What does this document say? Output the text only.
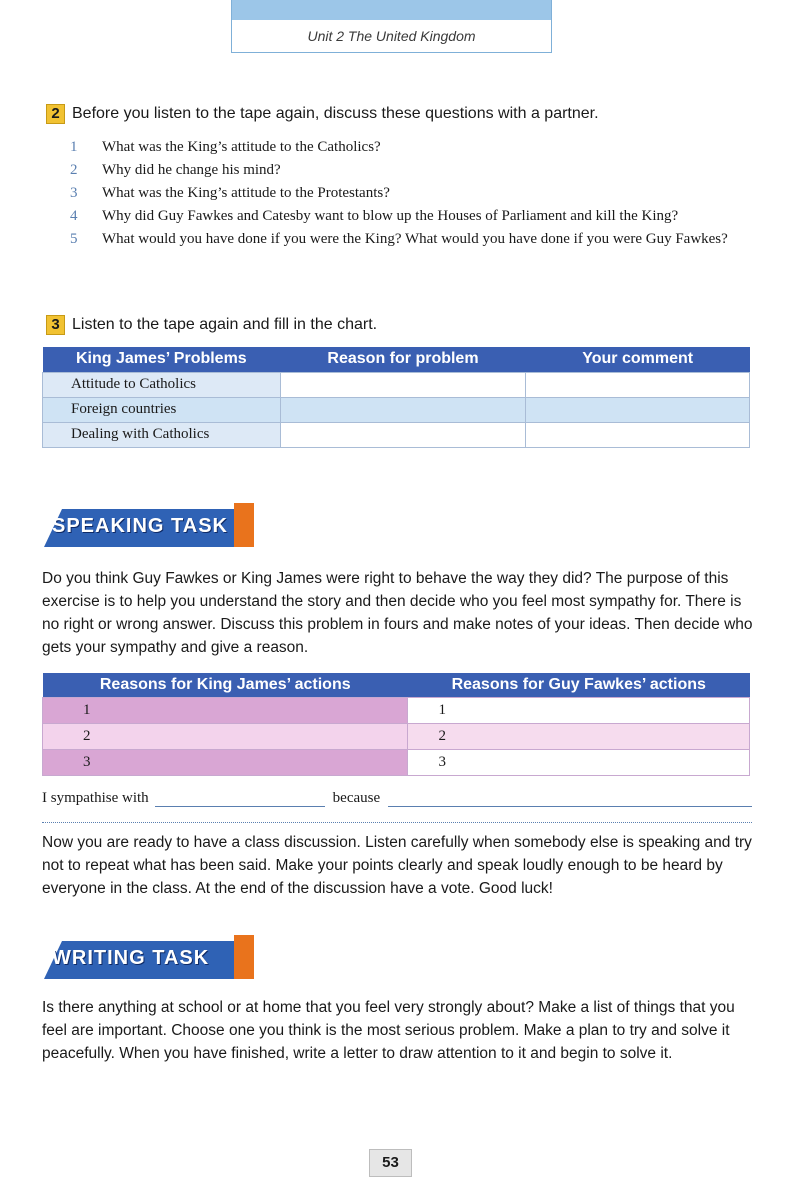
Unit 2 The United Kingdom
2 Before you listen to the tape again, discuss these questions with a partner.
1	What was the King’s attitude to the Catholics?
2	Why did he change his mind?
3	What was the King’s attitude to the Protestants?
4	Why did Guy Fawkes and Catesby want to blow up the Houses of Parliament and kill the King?
5	What would you have done if you were the King? What would you have done if you were Guy Fawkes?
3 Listen to the tape again and fill in the chart.
King James’ Problems	Reason for problem	Your comment
Attitude to Catholics		
Foreign countries		
Dealing with Catholics		
SPEAKING TASK
Do you think Guy Fawkes or King James were right to behave the way they did? The purpose of this exercise is to help you understand the story and then decide who you feel most sympathy for. There is no right or wrong answer. Discuss this problem in fours and make notes of your ideas. Then decide who gets your sympathy and give a reason.
Reasons for King James’ actions	Reasons for Guy Fawkes’ actions
1	1
2	2
3	3
I sympathise with	because
Now you are ready to have a class discussion. Listen carefully when somebody else is speaking and try not to repeat what has been said. Make your points clearly and speak loudly enough to be heard by everyone in the class. At the end of the discussion have a vote. Good luck!
WRITING TASK
Is there anything at school or at home that you feel very strongly about? Make a list of things that you feel are important. Choose one you think is the most serious problem. Make a plan to try and solve it peacefully. When you have finished, write a letter to draw attention to it and begin to solve it.
53
